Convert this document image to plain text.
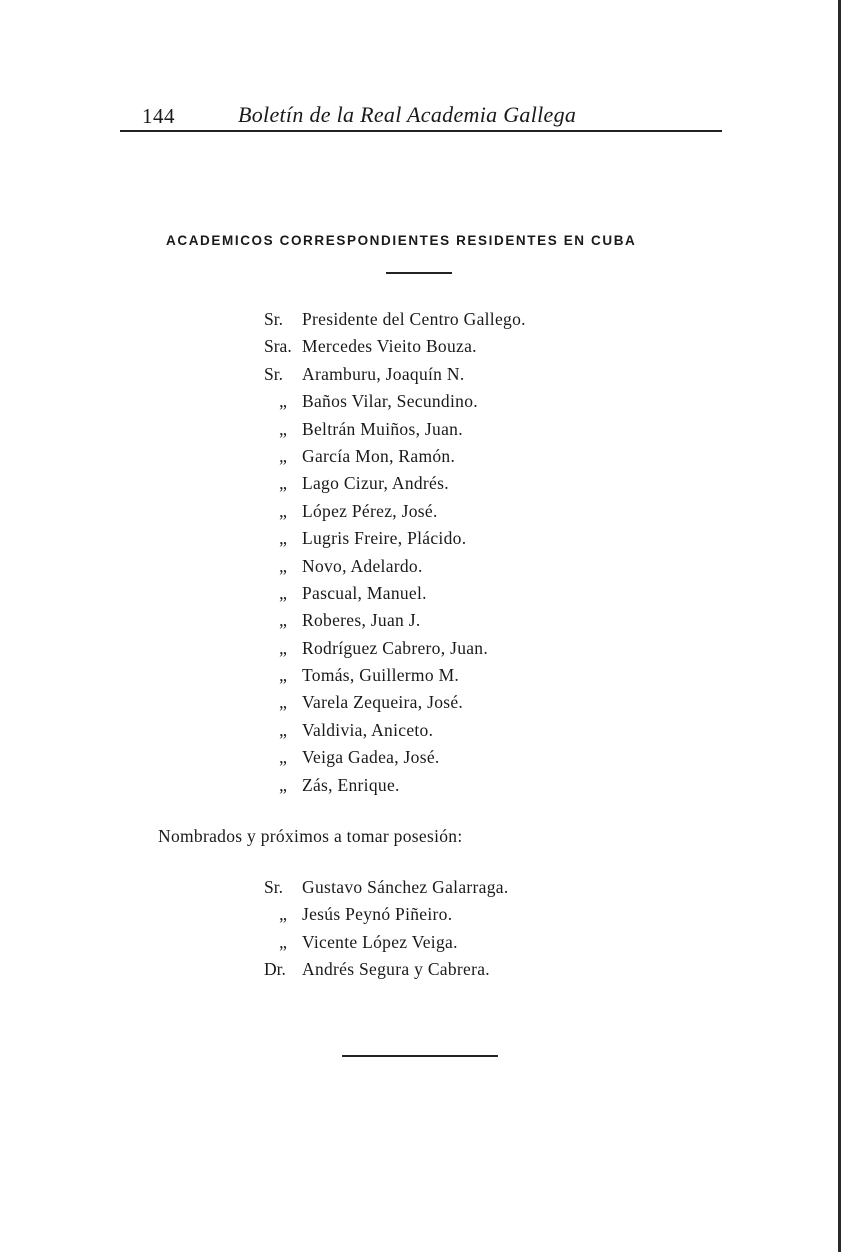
144	Boletín de la Real Academia Gallega
ACADEMICOS CORRESPONDIENTES RESIDENTES EN CUBA
Sr.	Presidente del Centro Gallego.
Sra. Mercedes Vieito Bouza.
Sr.	Aramburu, Joaquín N.
„ Baños Vilar, Secundino.
„ Beltrán Muiños, Juan.
„ García Mon, Ramón.
„ Lago Cizur, Andrés.
„ López Pérez, José.
„ Lugris Freire, Plácido.
„ Novo, Adelardo.
„ Pascual, Manuel.
„ Roberes, Juan J.
„ Rodríguez Cabrero, Juan.
„ Tomás, Guillermo M.
„ Varela Zequeira, José.
„ Valdivia, Aniceto.
„ Veiga Gadea, José.
„ Zás, Enrique.
Nombrados y próximos a tomar posesión:
Sr.	Gustavo Sánchez Galarraga.
„ Jesús Peynó Piñeiro.
„ Vicente López Veiga.
Dr. Andrés Segura y Cabrera.
